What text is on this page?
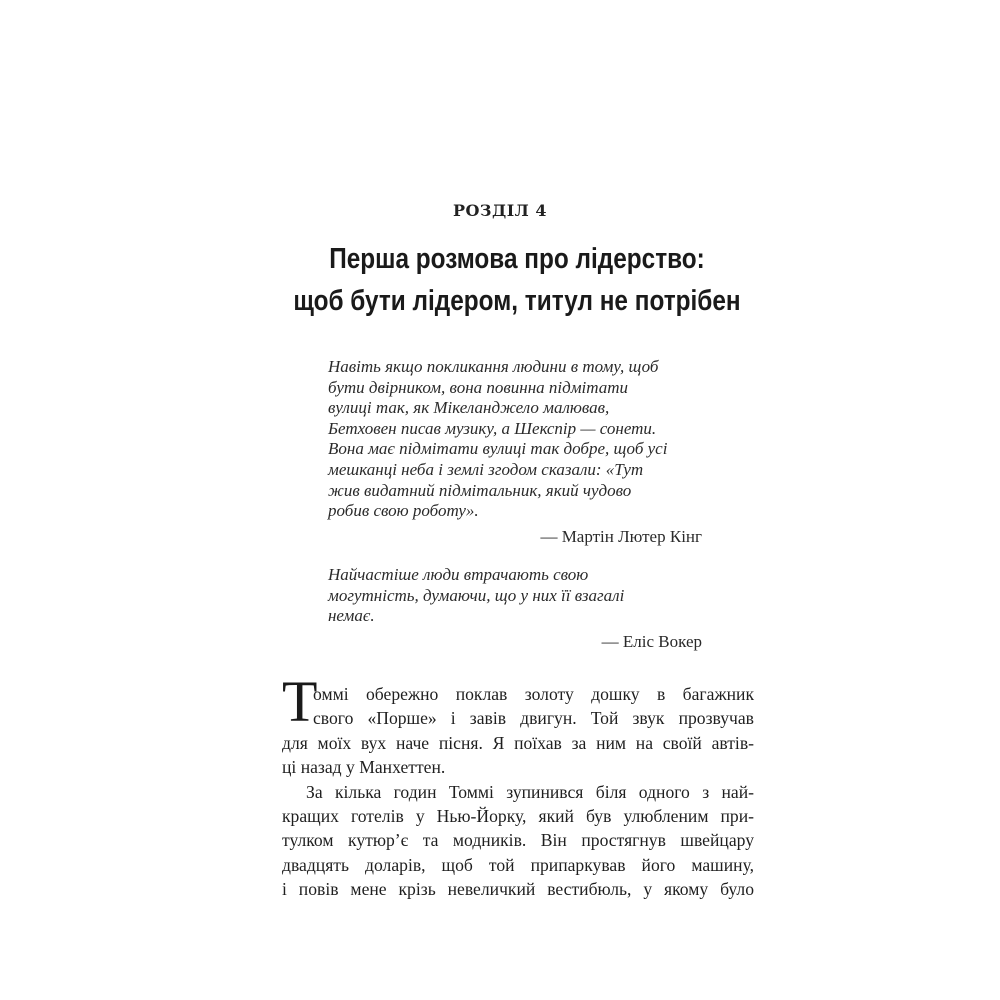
РОЗДІЛ 4
Перша розмова про лідерство:
щоб бути лідером, титул не потрібен
Навіть якщо покликання людини в тому, щоб
бути двірником, вона повинна підмітати
вулиці так, як Мікеланджело малював,
Бетховен писав музику, а Шекспір — сонети.
Вона має підмітати вулиці так добре, щоб усі
мешканці неба і землі згодом сказали: «Тут
жив видатний підмітальник, який чудово
робив свою роботу».
— Мартін Лютер Кінг
Найчастіше люди втрачають свою
могутність, думаючи, що у них її взагалі
немає.
— Еліс Вокер
Т
оммі обережно поклав золоту дошку в багажник
свого «Порше» і завів двигун. Той звук прозвучав
для моїх вух наче пісня. Я поїхав за ним на своїй автів-
ці назад у Манхеттен.
За кілька годин Томмі зупинився біля одного з най-
кращих готелів у Нью-Йорку, який був улюбленим при-
тулком кутюр’є та модників. Він простягнув швейцару
двадцять доларів, щоб той припаркував його машину,
і повів мене крізь невеличкий вестибюль, у якому було
